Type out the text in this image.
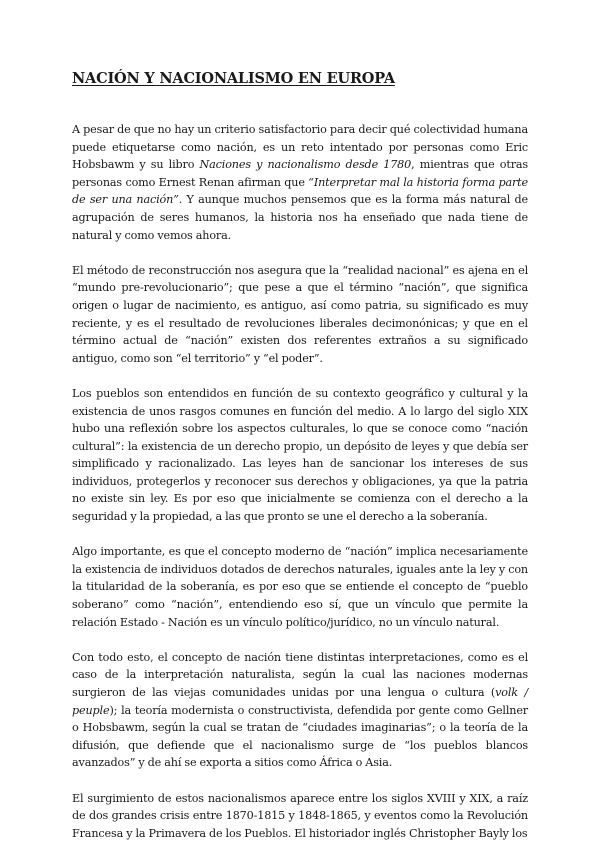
NACIÓN Y NACIONALISMO EN EUROPA

A pesar de que no hay un criterio satisfactorio para decir qué colectividad humana puede etiquetarse como nación, es un reto intentado por personas como Eric Hobsbawm y su libro Naciones y nacionalismo desde 1780, mientras que otras personas como Ernest Renan afirman que “Interpretar mal la historia forma parte de ser una nación”. Y aunque muchos pensemos que es la forma más natural de agrupación de seres humanos, la historia nos ha enseñado que nada tiene de natural y como vemos ahora.

El método de reconstrucción nos asegura que la “realidad nacional” es ajena en el “mundo pre-revolucionario”; que pese a que el término “nación”, que significa origen o lugar de nacimiento, es antiguo, así como patria, su significado es muy reciente, y es el resultado de revoluciones liberales decimonónicas; y que en el término actual de “nación” existen dos referentes extraños a su significado antiguo, como son “el territorio” y “el poder”.

Los pueblos son entendidos en función de su contexto geográfico y cultural y la existencia de unos rasgos comunes en función del medio. A lo largo del siglo XIX hubo una reflexión sobre los aspectos culturales, lo que se conoce como “nación cultural”: la existencia de un derecho propio, un depósito de leyes y que debía ser simplificado y racionalizado. Las leyes han de sancionar los intereses de sus individuos, protegerlos y reconocer sus derechos y obligaciones, ya que la patria no existe sin ley. Es por eso que inicialmente se comienza con el derecho a la seguridad y la propiedad, a las que pronto se une el derecho a la soberanía.

Algo importante, es que el concepto moderno de “nación” implica necesariamente la existencia de individuos dotados de derechos naturales, iguales ante la ley y con la titularidad de la soberanía, es por eso que se entiende el concepto de “pueblo soberano” como “nación”, entendiendo eso sí, que un vínculo que permite la relación Estado - Nación es un vínculo político/jurídico, no un vínculo natural.

Con todo esto, el concepto de nación tiene distintas interpretaciones, como es el caso de la interpretación naturalista, según la cual las naciones modernas surgieron de las viejas comunidades unidas por una lengua o cultura (volk / peuple); la teoría modernista o constructivista, defendida por gente como Gellner o Hobsbawm, según la cual se tratan de “ciudades imaginarias”; o la teoría de la difusión, que defiende que el nacionalismo surge de “los pueblos blancos avanzados” y de ahí se exporta a sitios como África o Asia.

El surgimiento de estos nacionalismos aparece entre los siglos XVIII y XIX, a raíz de dos grandes crisis entre 1870-1815 y 1848-1865, y eventos como la Revolución Francesa y la Primavera de los Pueblos. El historiador inglés Christopher Bayly los
